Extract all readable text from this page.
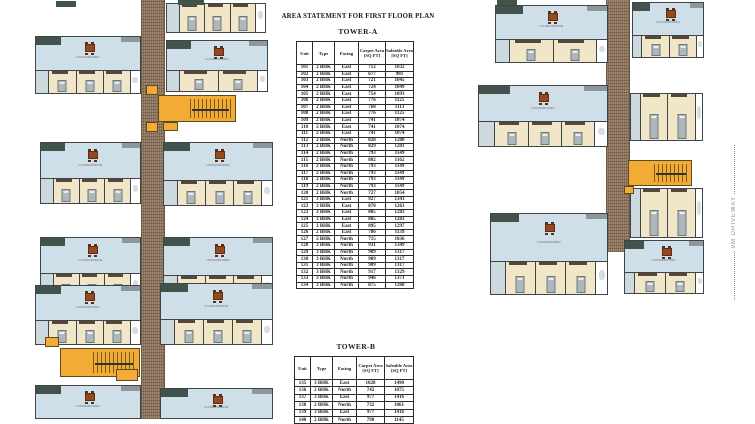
LIVING/DINING	LIVING/DINING
LIVING/DINING	LIVING/DINING
LIVING/DINING	LIVING/DINING
LIVING/DINING	LIVING/DINING
LIVING/DINING	LIVING/DINING
LIVING/DINING
LIVING/DINING
LIVING/DINING
LIVING/DINING
LIVING/DINING
AREA STATEMENT FOR FIRST FLOOR PLAN
TOWER-A
Unit	Type	Facing	Carpet Area [SQ FT]	Saleable Area [SQ FT]
101	2 BHK	East	712	1032
102	2 BHK	East	677	981
103	2 BHK	East	721	1045
104	2 BHK	East	724	1049
105	2 BHK	East	754	1093
106	2 BHK	East	776	1125
107	2 BHK	East	768	1113
108	2 BHK	East	776	1125
109	2 BHK	East	741	1074
110	2 BHK	East	741	1074
111	2 BHK	East	741	1074
112	2 BHK	North	828	1200
113	2 BHK	North	829	1201
114	2 BHK	North	793	1149
115	2 BHK	North	802	1162
116	2 BHK	North	793	1149
117	2 BHK	North	793	1149
118	2 BHK	North	793	1149
119	2 BHK	North	793	1149
120	2 BHK	North	727	1054
121	3 BHK	East	927	1343
122	3 BHK	East	870	1261
123	3 BHK	East	885	1283
124	3 BHK	East	885	1283
125	3 BHK	East	895	1297
126	2 BHK	East	786	1139
127	2 BHK	North	715	1036
128	3 BHK	North	931	1349
129	3 BHK	North	909	1317
130	3 BHK	North	909	1317
131	3 BHK	North	909	1317
132	3 BHK	North	917	1329
133	3 BHK	North	946	1371
134	3 BHK	North	875	1268
TOWER-B
Unit	Type	Facing	Carpet Area [SQ FT]	Saleable Area [SQ FT]
135	3 BHK	East	1028	1490
136	2 BHK	North	742	1075
137	3 BHK	East	977	1416
138	2 BHK	North	732	1061
139	3 BHK	East	977	1416
140	2 BHK	North	790	1145
9M DRIVEWAY
